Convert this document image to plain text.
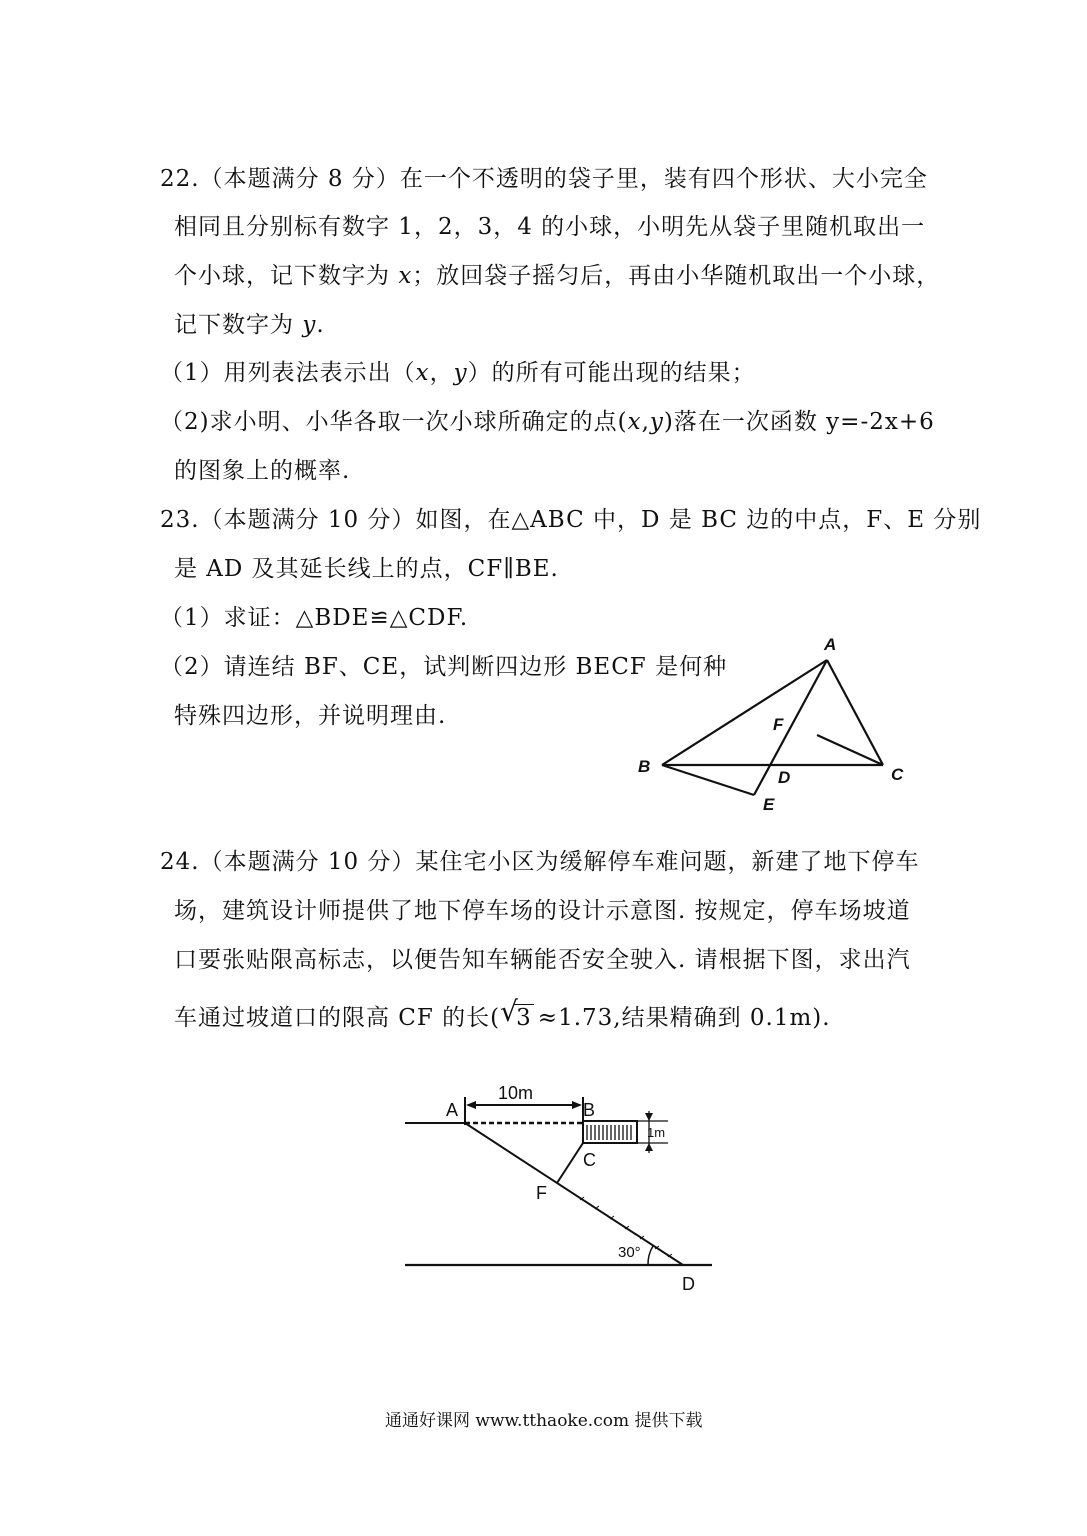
22.（本题满分 8 分）在一个不透明的袋子里，装有四个形状、大小完全
相同且分别标有数字 1，2，3，4 的小球，小明先从袋子里随机取出一
个小球，记下数字为 x；放回袋子摇匀后，再由小华随机取出一个小球，
记下数字为 y.
（1）用列表法表示出（x，y）的所有可能出现的结果；
（2)求小明、小华各取一次小球所确定的点(x,y)落在一次函数 y=-2x+6
的图象上的概率.
23.（本题满分 10 分）如图，在△ABC 中，D 是 BC 边的中点，F、E 分别
是 AD 及其延长线上的点，CF∥BE.
（1）求证：△BDE≌△CDF.
（2）请连结 BF、CE，试判断四边形 BECF 是何种
特殊四边形，并说明理由.
A
B	C
D
E
F
24.（本题满分 10 分）某住宅小区为缓解停车难问题，新建了地下停车
场，建筑设计师提供了地下停车场的设计示意图. 按规定，停车场坡道
口要张贴限高标志，以便告知车辆能否安全驶入. 请根据下图，求出汽
车通过坡道口的限高 CF 的长( √
3 ≈1.73,结果精确到 0.1m).
A	B
C
F
D
10m
1m
30°
通通好课网 www.tthaoke.com 提供下载
